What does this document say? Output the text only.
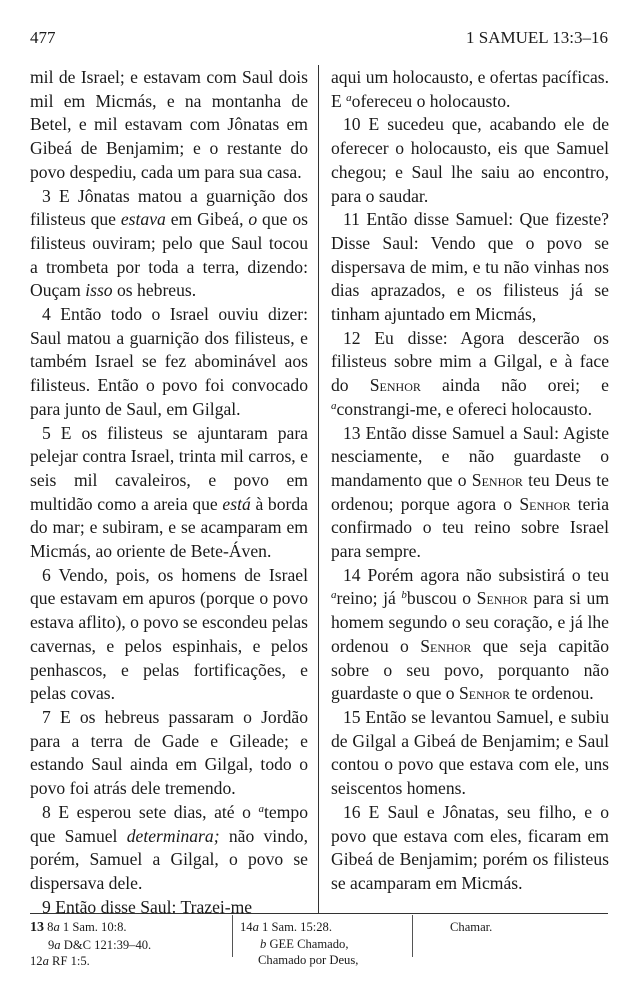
477	1 SAMUEL 13:3–16

mil de Israel; e estavam com Saul dois mil em Micmás, e na montanha de Betel, e mil estavam com Jônatas em Gibeá de Benjamim; e o restante do povo despediu, cada um para sua casa.

3 E Jônatas matou a guarnição dos filisteus que estava em Gibeá, o que os filisteus ouviram; pelo que Saul tocou a trombeta por toda a terra, dizendo: Ouçam isso os hebreus.

4 Então todo o Israel ouviu dizer: Saul matou a guarnição dos filisteus, e também Israel se fez abominável aos filisteus. Então o povo foi convocado para junto de Saul, em Gilgal.

5 E os filisteus se ajuntaram para pelejar contra Israel, trinta mil carros, e seis mil cavaleiros, e povo em multidão como a areia que está à borda do mar; e subiram, e se acamparam em Micmás, ao oriente de Bete-Áven.

6 Vendo, pois, os homens de Israel que estavam em apuros (porque o povo estava aflito), o povo se escondeu pelas cavernas, e pelos espinhais, e pelos penhascos, e pelas fortificações, e pelas covas.

7 E os hebreus passaram o Jordão para a terra de Gade e Gileade; e estando Saul ainda em Gilgal, todo o povo foi atrás dele tremendo.

8 E esperou sete dias, até o $^a$tempo que Samuel determinara; não vindo, porém, Samuel a Gilgal, o povo se dispersava dele.

9 Então disse Saul: Trazei-me

aqui um holocausto, e ofertas pacíficas. E $^a$ofereceu o holocausto.

10 E sucedeu que, acabando ele de oferecer o holocausto, eis que Samuel chegou; e Saul lhe saiu ao encontro, para o saudar.

11 Então disse Samuel: Que fizeste? Disse Saul: Vendo que o povo se dispersava de mim, e tu não vinhas nos dias aprazados, e os filisteus já se tinham ajuntado em Micmás,

12 Eu disse: Agora descerão os filisteus sobre mim a Gilgal, e à face do Senhor ainda não orei; e $^a$constrangi-me, e ofereci holocausto.

13 Então disse Samuel a Saul: Agiste nesciamente, e não guardaste o mandamento que o Senhor teu Deus te ordenou; porque agora o Senhor teria confirmado o teu reino sobre Israel para sempre.

14 Porém agora não subsistirá o teu $^a$reino; já $^b$buscou o Senhor para si um homem segundo o seu coração, e já lhe ordenou o Senhor que seja capitão sobre o seu povo, porquanto não guardaste o que o Senhor te ordenou.

15 Então se levantou Samuel, e subiu de Gilgal a Gibeá de Benjamim; e Saul contou o povo que estava com ele, uns seiscentos homens.

16 E Saul e Jônatas, seu filho, e o povo que estava com eles, ficaram em Gibeá de Benjamim; porém os filisteus se acamparam em Micmás.

13 8a 1 Sam. 10:8.
9a D&C 121:39–40.
12a RF 1:5.
14a 1 Sam. 15:28.
b GEE Chamado,
Chamado por Deus,
Chamar.
